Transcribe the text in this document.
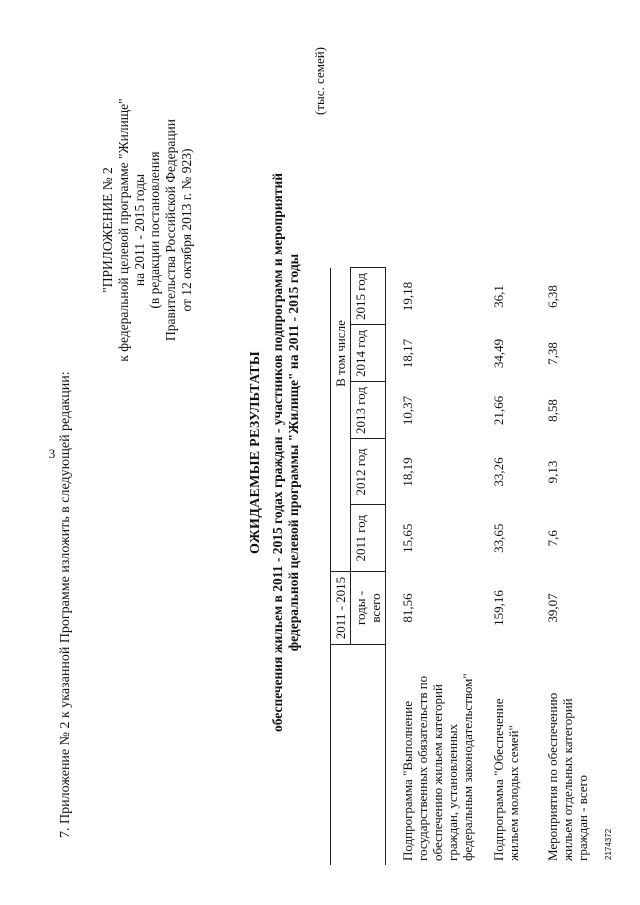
3 7. Приложение № 2 к указанной Программе изложить в следующей редакции:
"ПРИЛОЖЕНИЕ № 2 к федеральной целевой программе "Жилище" на 2011 - 2015 годы (в редакции постановления Правительства Российской Федерации от 12 октября 2013 г. № 923)
ОЖИДАЕМЫЕ РЕЗУЛЬТАТЫ обеспечения жильем в 2011 - 2015 годах граждан - участников подпрограмм и мероприятий федеральной целевой программы "Жилище" на 2011 - 2015 годы
(тыс. семей)
	2011 - 2015			В том числе		
	годы - всего	2011 год	2012 год	2013 год	2014 год	2015 год
Подпрограмма "Выполнение государственных обязательств по обеспечению жильем категорий граждан, установленных федеральным законодательством"	81,56	15,65	18,19	10,37	18,17	19,18
Подпрограмма "Обеспечение жильем молодых семей"	159,16	33,65	33,26	21,66	34,49	36,1
Мероприятия по обеспечению жильем отдельных категорий граждан - всего	39,07	7,6	9,13	8,58	7,38	6,38
2174372
